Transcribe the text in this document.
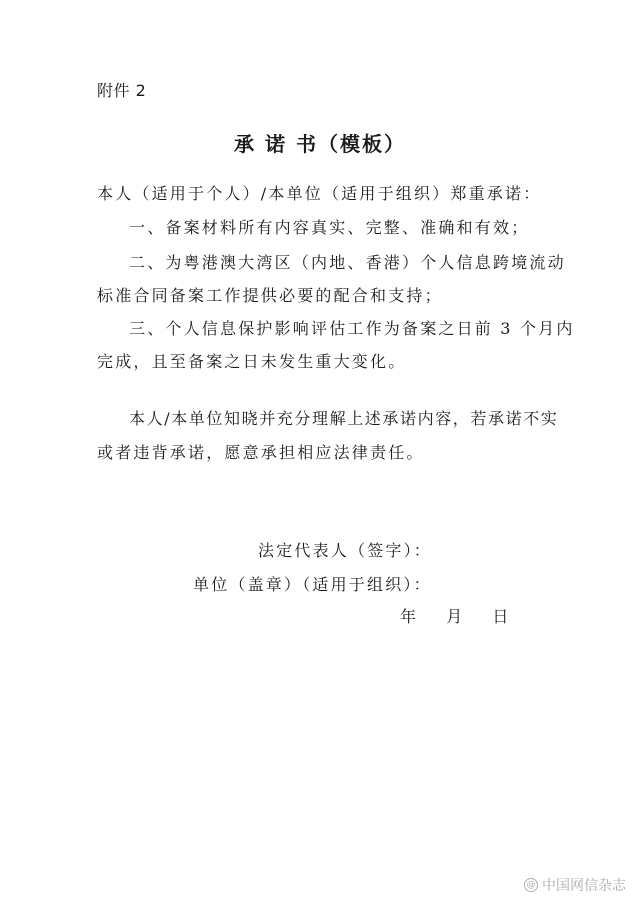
附件 2
承 诺 书（模板）
本人（适用于个人）/本单位（适用于组织）郑重承诺：
一、备案材料所有内容真实、完整、准确和有效；
二、为粤港澳大湾区（内地、香港）个人信息跨境流动
标准合同备案工作提供必要的配合和支持；
三、个人信息保护影响评估工作为备案之日前 3 个月内
完成，且至备案之日未发生重大变化。
本人/本单位知晓并充分理解上述承诺内容，若承诺不实
或者违背承诺，愿意承担相应法律责任。
法定代表人（签字）：
单位（盖章）（适用于组织）：
年 月 日
@ 中国网信杂志
